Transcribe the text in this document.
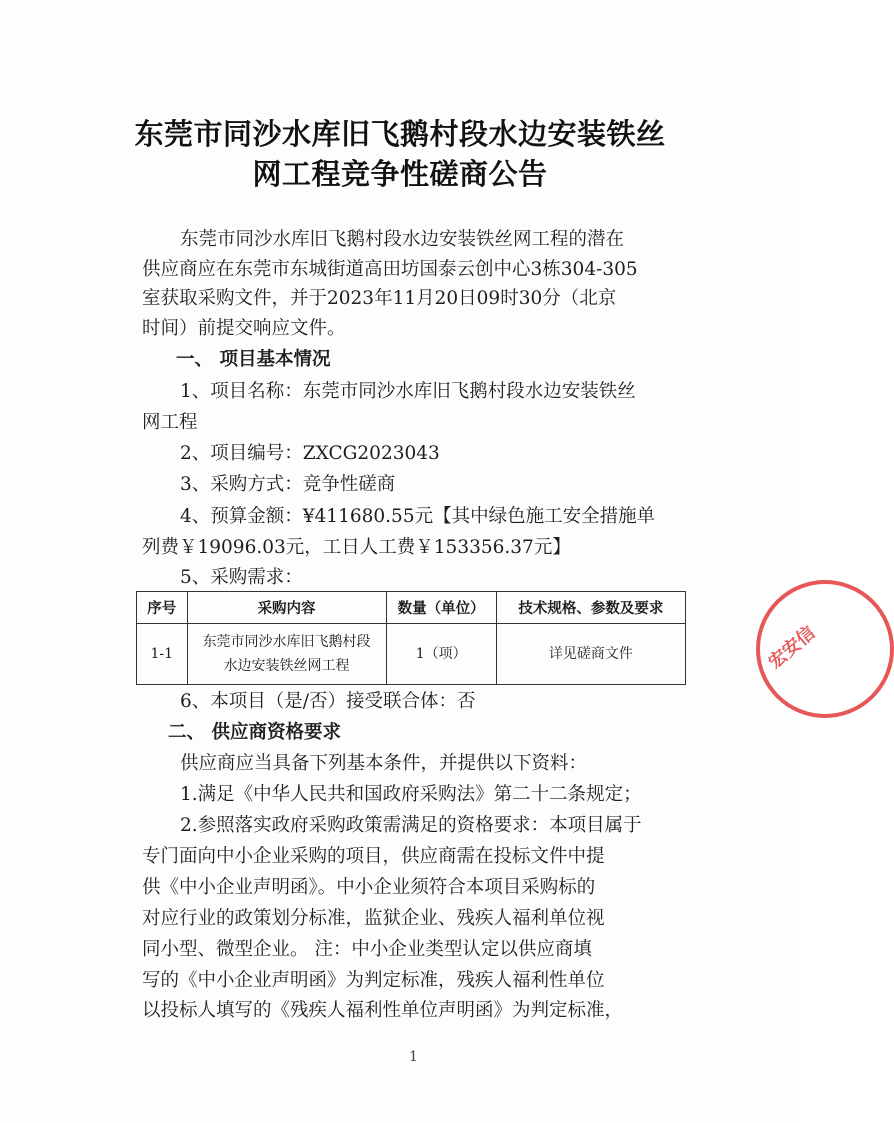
东莞市同沙水库旧飞鹅村段水边安装铁丝
网工程竞争性磋商公告
东莞市同沙水库旧飞鹅村段水边安装铁丝网工程的潜在
供应商应在东莞市东城街道高田坊国泰云创中心3栋304-305
室获取采购文件，并于2023年11月20日09时30分（北京
时间）前提交响应文件。
一、 项目基本情况
1、项目名称：东莞市同沙水库旧飞鹅村段水边安装铁丝
网工程
2、项目编号：ZXCG2023043
3、采购方式：竞争性磋商
4、预算金额：¥411680.55元【其中绿色施工安全措施单
列费￥19096.03元，工日人工费￥153356.37元】
5、采购需求：
序号	采购内容	数量（单位）	技术规格、参数及要求
1-1	东莞市同沙水库旧飞鹅村段
水边安装铁丝网工程	1（项）	详见磋商文件
6、本项目（是/否）接受联合体：否
二、 供应商资格要求
供应商应当具备下列基本条件，并提供以下资料：
1.满足《中华人民共和国政府采购法》第二十二条规定；
2.参照落实政府采购政策需满足的资格要求：本项目属于
专门面向中小企业采购的项目，供应商需在投标文件中提
供《中小企业声明函》。中小企业须符合本项目采购标的
对应行业的政策划分标准，监狱企业、残疾人福利单位视
同小型、微型企业。 注：中小企业类型认定以供应商填
写的《中小企业声明函》为判定标准，残疾人福利性单位
以投标人填写的《残疾人福利性单位声明函》为判定标准，
1
宏安信
